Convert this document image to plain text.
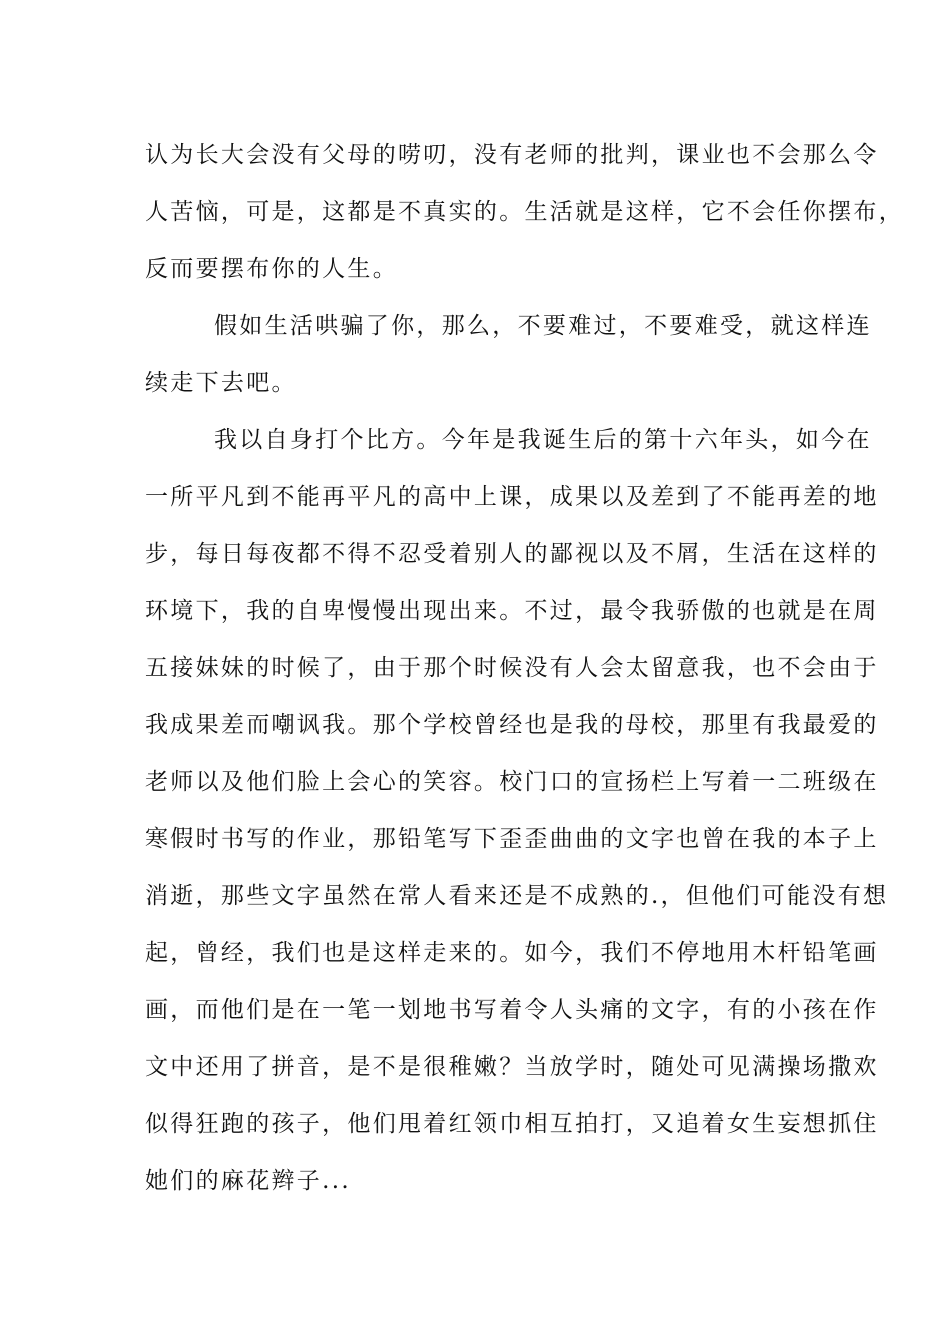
认为长大会没有父母的唠叨，没有老师的批判，课业也不会那么令
人苦恼，可是，这都是不真实的。生活就是这样，它不会任你摆布，
反而要摆布你的人生。
假如生活哄骗了你，那么，不要难过，不要难受，就这样连
续走下去吧。
我以自身打个比方。今年是我诞生后的第十六年头，如今在
一所平凡到不能再平凡的高中上课，成果以及差到了不能再差的地
步，每日每夜都不得不忍受着别人的鄙视以及不屑，生活在这样的
环境下，我的自卑慢慢出现出来。不过，最令我骄傲的也就是在周
五接妹妹的时候了，由于那个时候没有人会太留意我，也不会由于
我成果差而嘲讽我。那个学校曾经也是我的母校，那里有我最爱的
老师以及他们脸上会心的笑容。校门口的宣扬栏上写着一二班级在
寒假时书写的作业，那铅笔写下歪歪曲曲的文字也曾在我的本子上
消逝，那些文字虽然在常人看来还是不成熟的.，但他们可能没有想
起，曾经，我们也是这样走来的。如今，我们不停地用木杆铅笔画
画，而他们是在一笔一划地书写着令人头痛的文字，有的小孩在作
文中还用了拼音，是不是很稚嫩？当放学时，随处可见满操场撒欢
似得狂跑的孩子，他们甩着红领巾相互拍打，又追着女生妄想抓住
她们的麻花辫子...
